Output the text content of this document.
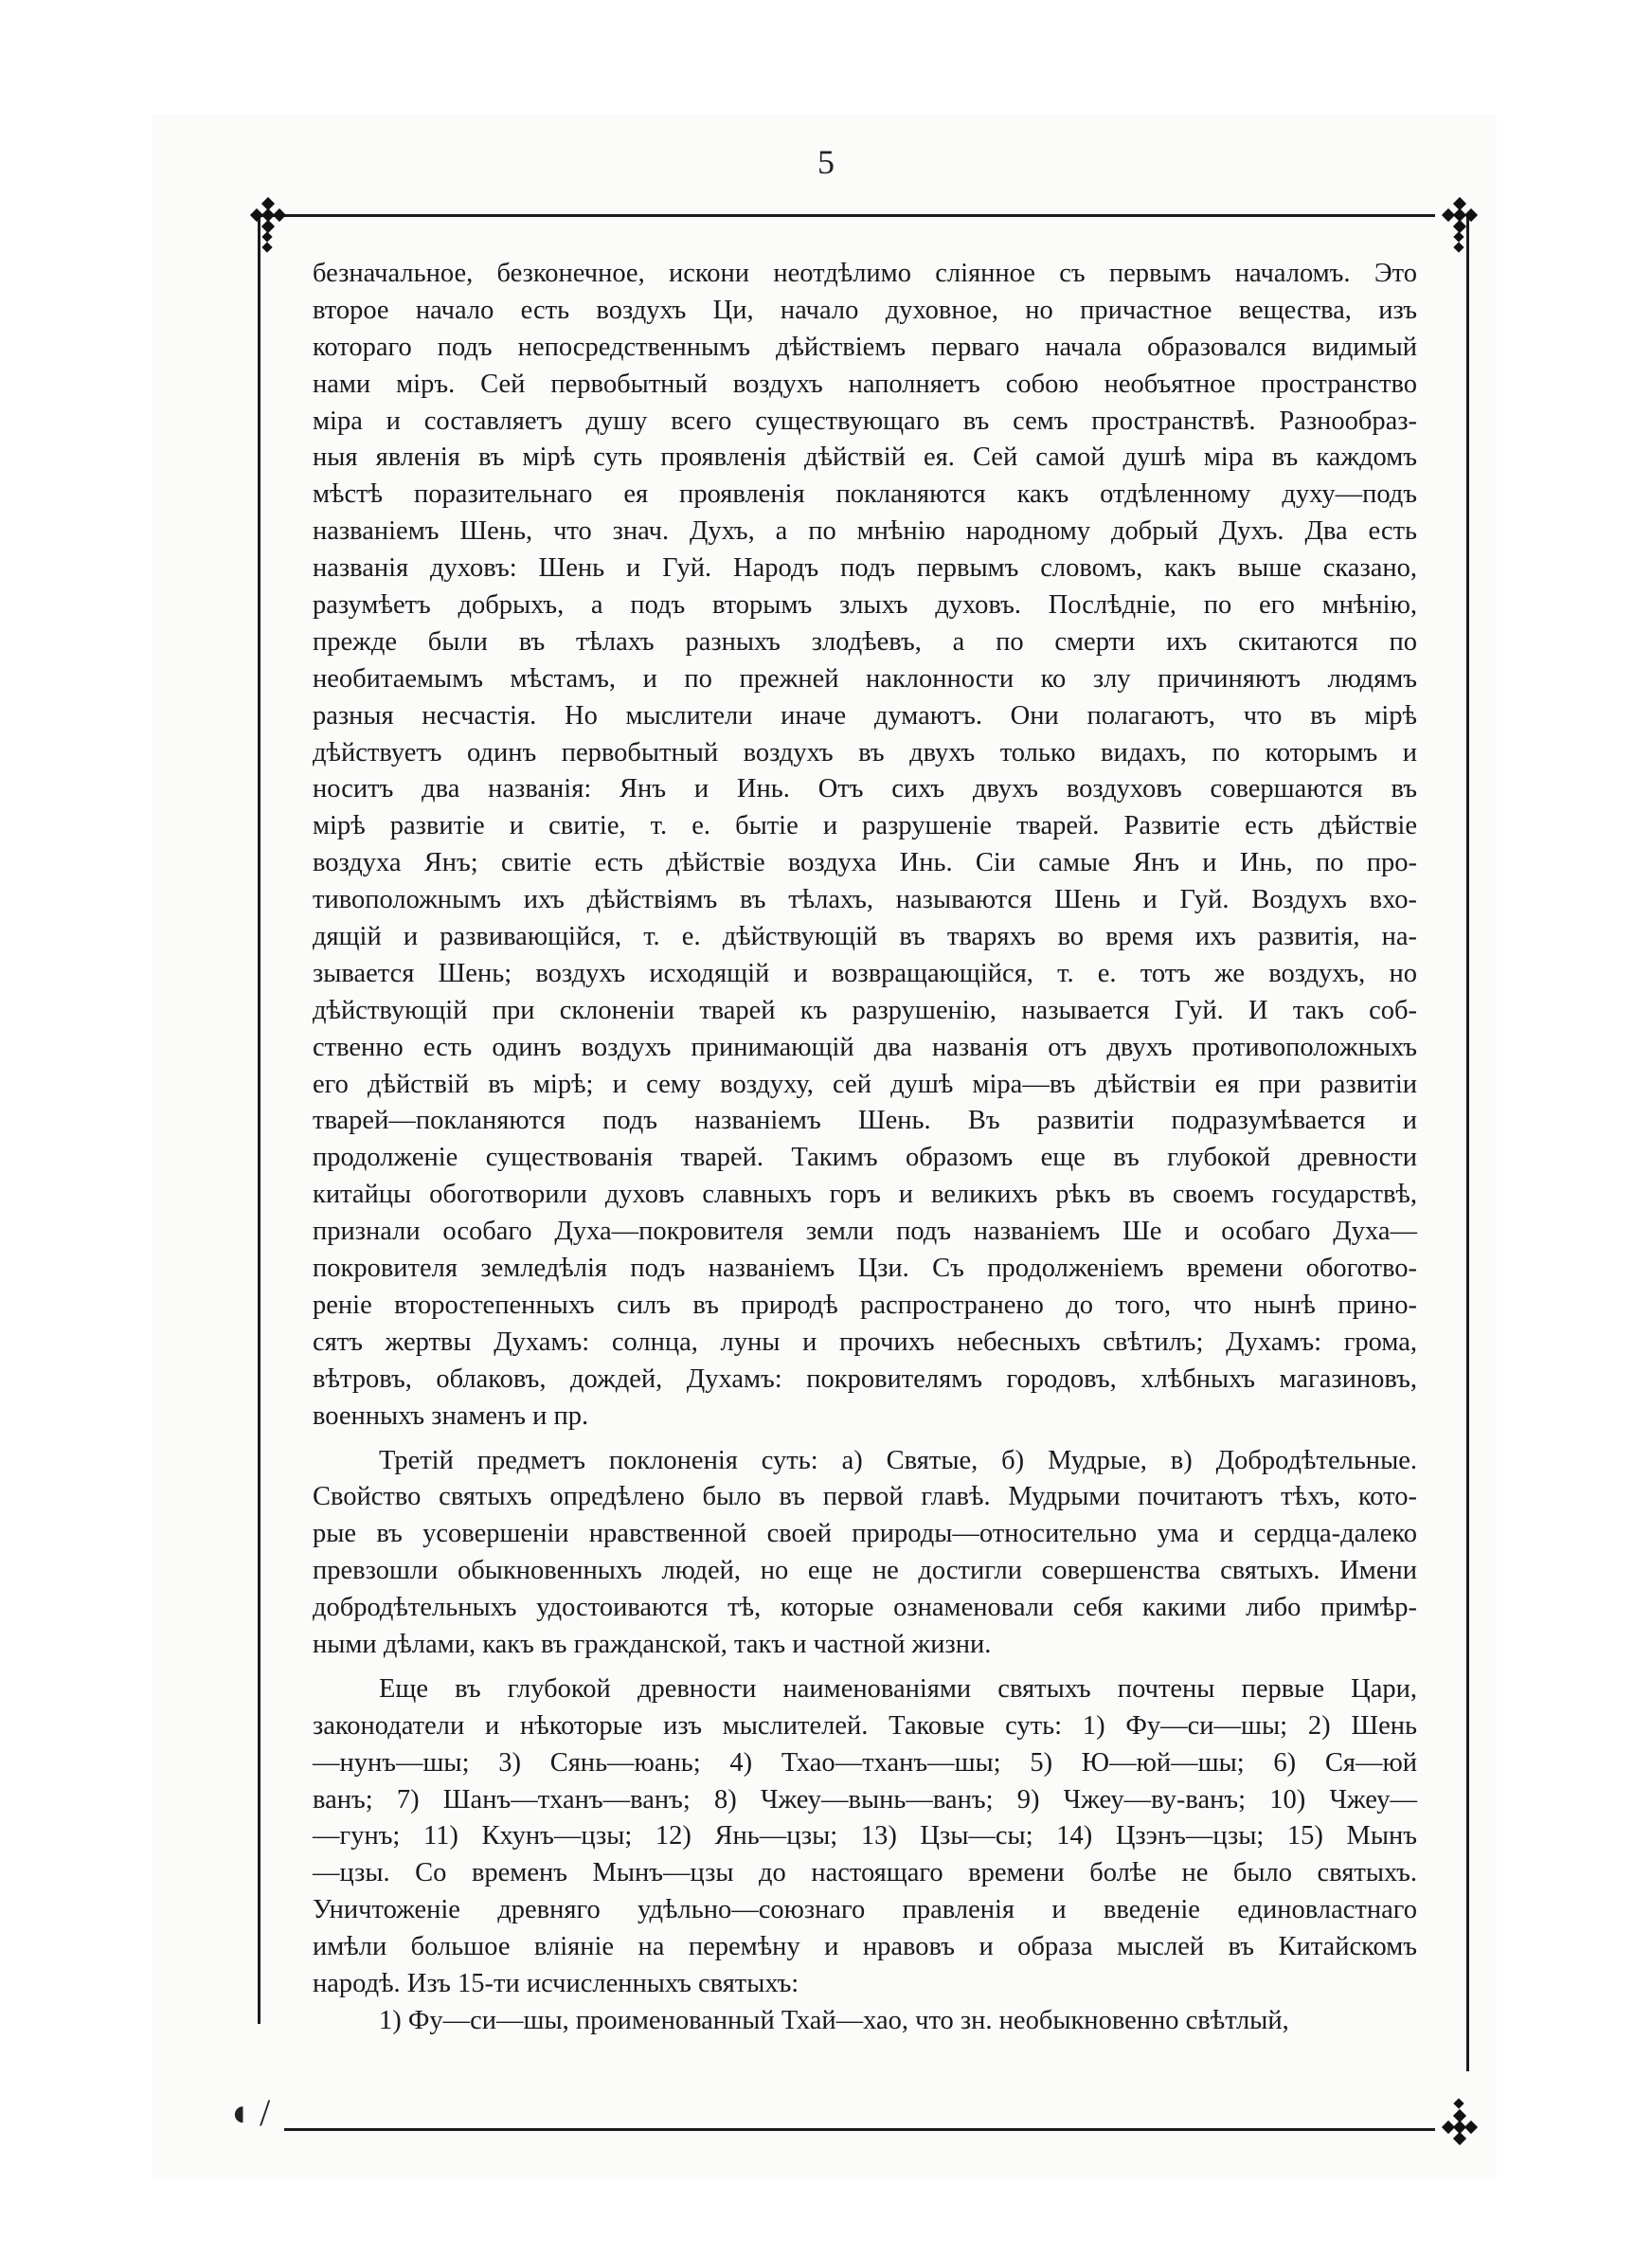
5
◖ /
безначальное, безконечное, искони неотдѣлимо сліянное съ первымъ началомъ. Это
второе начало есть воздухъ Ци, начало духовное, но причастное вещества, изъ
котораго подъ непосредственнымъ дѣйствіемъ перваго начала образовался видимый
нами міръ. Сей первобытный воздухъ наполняетъ собою необъятное пространство
міра и составляетъ душу всего существующаго въ семъ пространствѣ. Разнообраз-
ныя явленія въ мірѣ суть проявленія дѣйствій ея. Сей самой душѣ міра въ каждомъ
мѣстѣ поразительнаго ея проявленія покланяются какъ отдѣленному духу—подъ
названіемъ Шень, что знач. Духъ, а по мнѣнію народному добрый Духъ. Два есть
названія духовъ: Шень и Гуй. Народъ подъ первымъ словомъ, какъ выше сказано,
разумѣетъ добрыхъ, а подъ вторымъ злыхъ духовъ. Послѣдніе, по его мнѣнію,
прежде были въ тѣлахъ разныхъ злодѣевъ, а по смерти ихъ скитаются по
необитаемымъ мѣстамъ, и по прежней наклонности ко злу причиняютъ людямъ
разныя несчастія. Но мыслители иначе думаютъ. Они полагаютъ, что въ мірѣ
дѣйствуетъ одинъ первобытный воздухъ въ двухъ только видахъ, по которымъ и
носитъ два названія: Янъ и Инь. Отъ сихъ двухъ воздуховъ совершаются въ
мірѣ развитіе и свитіе, т. е. бытіе и разрушеніе тварей. Развитіе есть дѣйствіе
воздуха Янъ; свитіе есть дѣйствіе воздуха Инь. Сіи самые Янъ и Инь, по про-
тивоположнымъ ихъ дѣйствіямъ въ тѣлахъ, называются Шень и Гуй. Воздухъ вхо-
дящій и развивающійся, т. е. дѣйствующій въ тваряхъ во время ихъ развитія, на-
зывается Шень; воздухъ исходящій и возвращающійся, т. е. тотъ же воздухъ, но
дѣйствующій при склоненіи тварей къ разрушенію, называется Гуй. И такъ соб-
ственно есть одинъ воздухъ принимающій два названія отъ двухъ противоположныхъ
его дѣйствій въ мірѣ; и сему воздуху, сей душѣ міра—въ дѣйствіи ея при развитіи
тварей—покланяются подъ названіемъ Шень. Въ развитіи подразумѣвается и
продолженіе существованія тварей. Такимъ образомъ еще въ глубокой древности
китайцы обоготворили духовъ славныхъ горъ и великихъ рѣкъ въ своемъ государствѣ,
признали особаго Духа—покровителя земли подъ названіемъ Ше и особаго Духа—
покровителя земледѣлія подъ названіемъ Цзи. Съ продолженіемъ времени обоготво-
реніе второстепенныхъ силъ въ природѣ распространено до того, что нынѣ прино-
сятъ жертвы Духамъ: солнца, луны и прочихъ небесныхъ свѣтилъ; Духамъ: грома,
вѣтровъ, облаковъ, дождей, Духамъ: покровителямъ городовъ, хлѣбныхъ магазиновъ,
военныхъ знаменъ и пр.
Третій предметъ поклоненія суть: а) Святые, б) Мудрые, в) Добродѣтельные.
Свойство святыхъ опредѣлено было въ первой главѣ. Мудрыми почитаютъ тѣхъ, кото-
рые въ усовершеніи нравственной своей природы—относительно ума и сердца-далеко
превзошли обыкновенныхъ людей, но еще не достигли совершенства святыхъ. Имени
добродѣтельныхъ удостоиваются тѣ, которые ознаменовали себя какими либо примѣр-
ными дѣлами, какъ въ гражданской, такъ и частной жизни.
Еще въ глубокой древности наименованіями святыхъ почтены первые Цари,
законодатели и нѣкоторые изъ мыслителей. Таковые суть: 1) Фу—си—шы; 2) Шень
—нунъ—шы; 3) Сянь—юань; 4) Тхао—тханъ—шы; 5) Ю—юй—шы; 6) Ся—юй
ванъ; 7) Шанъ—тханъ—ванъ; 8) Чжеу—вынь—ванъ; 9) Чжеу—ву-ванъ; 10) Чжеу—
—гунъ; 11) Кхунъ—цзы; 12) Янь—цзы; 13) Цзы—сы; 14) Цзэнъ—цзы; 15) Мынъ
—цзы. Со временъ Мынъ—цзы до настоящаго времени болѣе не было святыхъ.
Уничтоженіе древняго удѣльно—союзнаго правленія и введеніе единовластнаго
имѣли большое вліяніе на перемѣну и нравовъ и образа мыслей въ Китайскомъ
народѣ. Изъ 15-ти исчисленныхъ святыхъ:
1) Фу—си—шы, проименованный Тхай—хао, что зн. необыкновенно свѣтлый,
